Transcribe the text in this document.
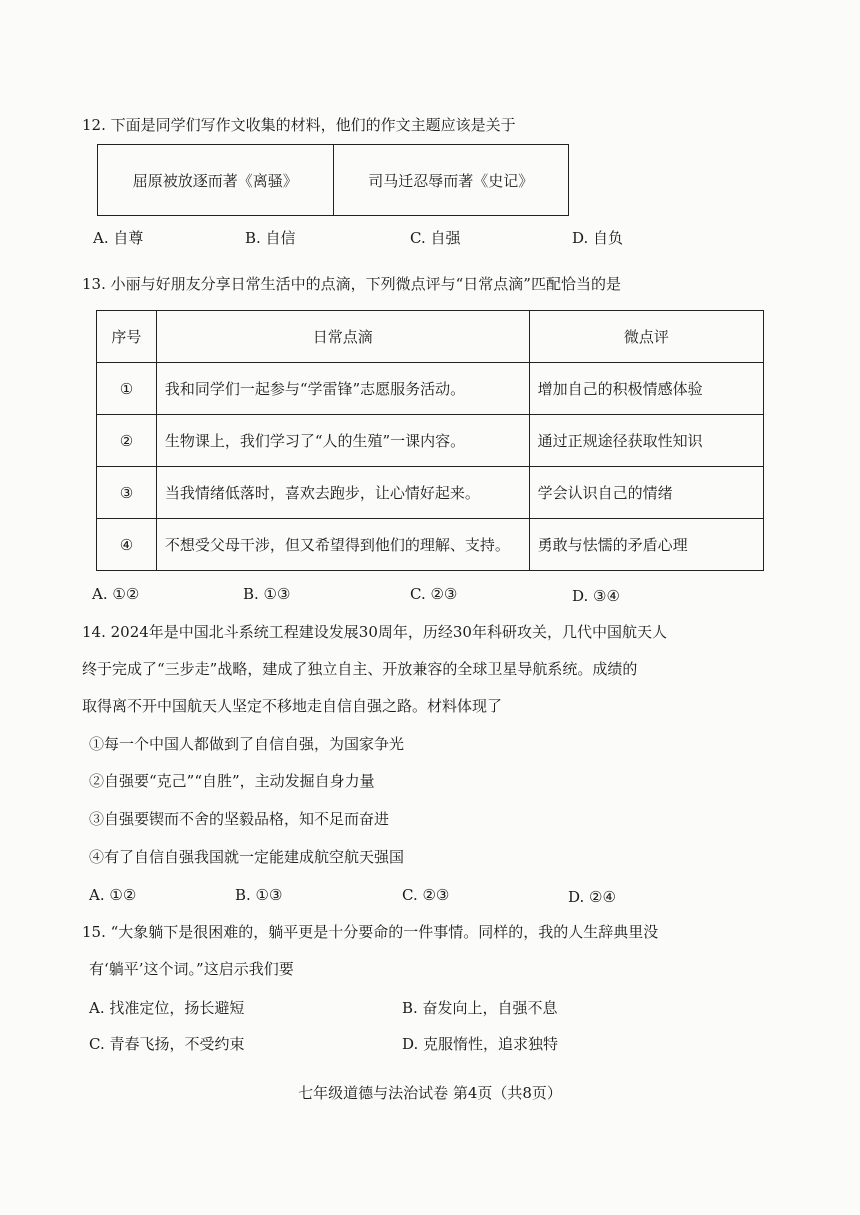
12. 下面是同学们写作文收集的材料，他们的作文主题应该是关于
屈原被放逐而著《离骚》	司马迁忍辱而著《史记》
A. 自尊	B. 自信	C. 自强	D. 自负
13. 小丽与好朋友分享日常生活中的点滴，下列微点评与“日常点滴”匹配恰当的是
序号	日常点滴	微点评
①	我和同学们一起参与“学雷锋”志愿服务活动。	增加自己的积极情感体验
②	生物课上，我们学习了“人的生殖”一课内容。	通过正规途径获取性知识
③	当我情绪低落时，喜欢去跑步，让心情好起来。	学会认识自己的情绪
④	不想受父母干涉，但又希望得到他们的理解、支持。	勇敢与怯懦的矛盾心理
A. ①②	B. ①③	C. ②③	D. ③④
14. 2024年是中国北斗系统工程建设发展30周年，历经30年科研攻关，几代中国航天人
终于完成了“三步走”战略，建成了独立自主、开放兼容的全球卫星导航系统。成绩的
取得离不开中国航天人坚定不移地走自信自强之路。材料体现了
①每一个中国人都做到了自信自强，为国家争光
②自强要“克己”“自胜”，主动发掘自身力量
③自强要锲而不舍的坚毅品格，知不足而奋进
④有了自信自强我国就一定能建成航空航天强国
A. ①②	B. ①③	C. ②③	D. ②④
15. “大象躺下是很困难的，躺平更是十分要命的一件事情。同样的，我的人生辞典里没
有‘躺平’这个词。”这启示我们要
A. 找准定位，扬长避短	B. 奋发向上，自强不息
C. 青春飞扬，不受约束	D. 克服惰性，追求独特
七年级道德与法治试卷 第4页（共8页）
